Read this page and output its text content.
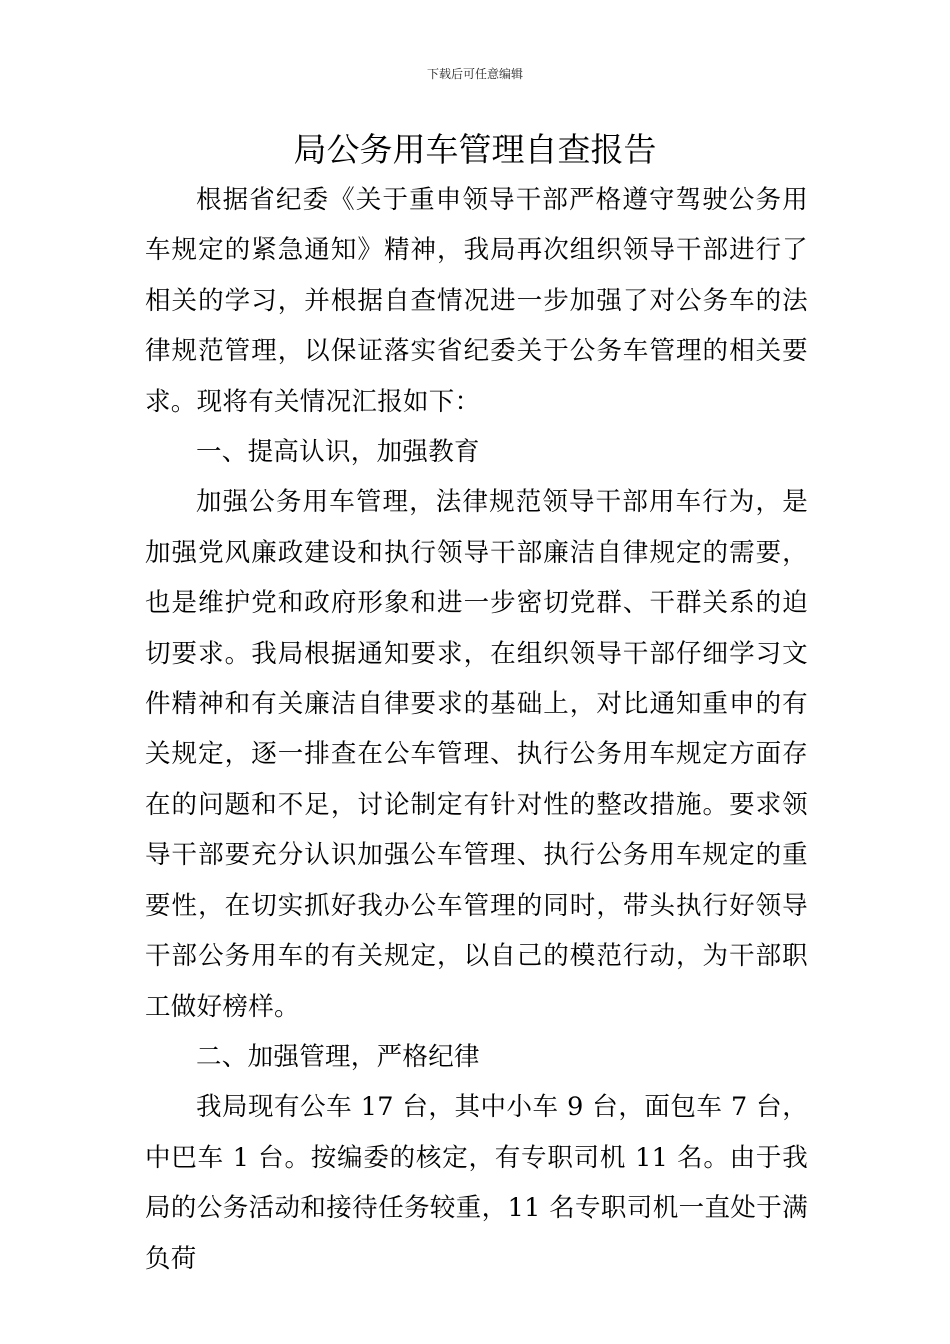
下载后可任意编辑
局公务用车管理自查报告

根据省纪委《关于重申领导干部严格遵守驾驶公务用车规定的紧急通知》精神，我局再次组织领导干部进行了相关的学习，并根据自查情况进一步加强了对公务车的法律规范管理，以保证落实省纪委关于公务车管理的相关要求。现将有关情况汇报如下：

一、提高认识，加强教育

加强公务用车管理，法律规范领导干部用车行为，是加强党风廉政建设和执行领导干部廉洁自律规定的需要，也是维护党和政府形象和进一步密切党群、干群关系的迫切要求。我局根据通知要求，在组织领导干部仔细学习文件精神和有关廉洁自律要求的基础上，对比通知重申的有关规定，逐一排查在公车管理、执行公务用车规定方面存在的问题和不足，讨论制定有针对性的整改措施。要求领导干部要充分认识加强公车管理、执行公务用车规定的重要性，在切实抓好我办公车管理的同时，带头执行好领导干部公务用车的有关规定，以自己的模范行动，为干部职工做好榜样。

二、加强管理，严格纪律

我局现有公车 17 台，其中小车 9 台，面包车 7 台，中巴车 1 台。按编委的核定，有专职司机 11 名。由于我局的公务活动和接待任务较重，11 名专职司机一直处于满负荷
